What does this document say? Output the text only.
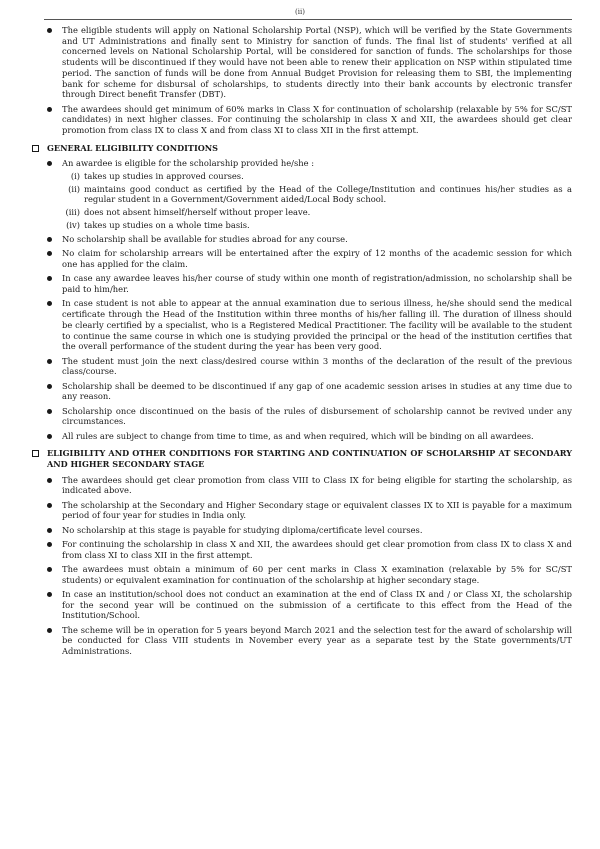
(ii)
The eligible students will apply on National Scholarship Portal (NSP), which will be verified by the State Governments and UT Administrations and finally sent to Ministry for sanction of funds. The final list of students' verified at all concerned levels on National Scholarship Portal, will be considered for sanction of funds. The scholarships for those students will be discontinued if they would have not been able to renew their application on NSP within stipulated time period. The sanction of funds will be done from Annual Budget Provision for releasing them to SBI, the implementing bank for scheme for disbursal of scholarships, to students directly into their bank accounts by electronic transfer through Direct benefit Transfer (DBT).
The awardees should get minimum of 60% marks in Class X for continuation of scholarship (relaxable by 5% for SC/ST candidates) in next higher classes. For continuing the scholarship in class X and XII, the awardees should get clear promotion from class IX to class X and from class XI to class XII in the first attempt.
GENERAL ELIGIBILITY CONDITIONS
An awardee is eligible for the scholarship provided he/she :
(i) takes up studies in approved courses.
(ii) maintains good conduct as certified by the Head of the College/Institution and continues his/her studies as a regular student in a Government/Government aided/Local Body school.
(iii) does not absent himself/herself without proper leave.
(iv) takes up studies on a whole time basis.
No scholarship shall be available for studies abroad for any course.
No claim for scholarship arrears will be entertained after the expiry of 12 months of the academic session for which one has applied for the claim.
In case any awardee leaves his/her course of study within one month of registration/admission, no scholarship shall be paid to him/her.
In case student is not able to appear at the annual examination due to serious illness, he/she should send the medical certificate through the Head of the Institution within three months of his/her falling ill. The duration of illness should be clearly certified by a specialist, who is a Registered Medical Practitioner. The facility will be available to the student to continue the same course in which one is studying provided the principal or the head of the institution certifies that the overall performance of the student during the year has been very good.
The student must join the next class/desired course within 3 months of the declaration of the result of the previous class/course.
Scholarship shall be deemed to be discontinued if any gap of one academic session arises in studies at any time due to any reason.
Scholarship once discontinued on the basis of the rules of disbursement of scholarship cannot be revived under any circumstances.
All rules are subject to change from time to time, as and when required, which will be binding on all awardees.
ELIGIBILITY AND OTHER CONDITIONS FOR STARTING AND CONTINUATION OF SCHOLARSHIP AT SECONDARY AND HIGHER SECONDARY STAGE
The awardees should get clear promotion from class VIII to Class IX for being eligible for starting the scholarship, as indicated above.
The scholarship at the Secondary and Higher Secondary stage or equivalent classes IX to XII is payable for a maximum period of four year for studies in India only.
No scholarship at this stage is payable for studying diploma/certificate level courses.
For continuing the scholarship in class X and XII, the awardees should get clear promotion from class IX to class X and from class XI to class XII in the first attempt.
The awardees must obtain a minimum of 60 per cent marks in Class X examination (relaxable by 5% for SC/ST students) or equivalent examination for continuation of the scholarship at higher secondary stage.
In case an institution/school does not conduct an examination at the end of Class IX and / or Class XI, the scholarship for the second year will be continued on the submission of a certificate to this effect from the Head of the Institution/School.
The scheme will be in operation for 5 years beyond March 2021 and the selection test for the award of scholarship will be conducted for Class VIII students in November every year as a separate test by the State governments/UT Administrations.
